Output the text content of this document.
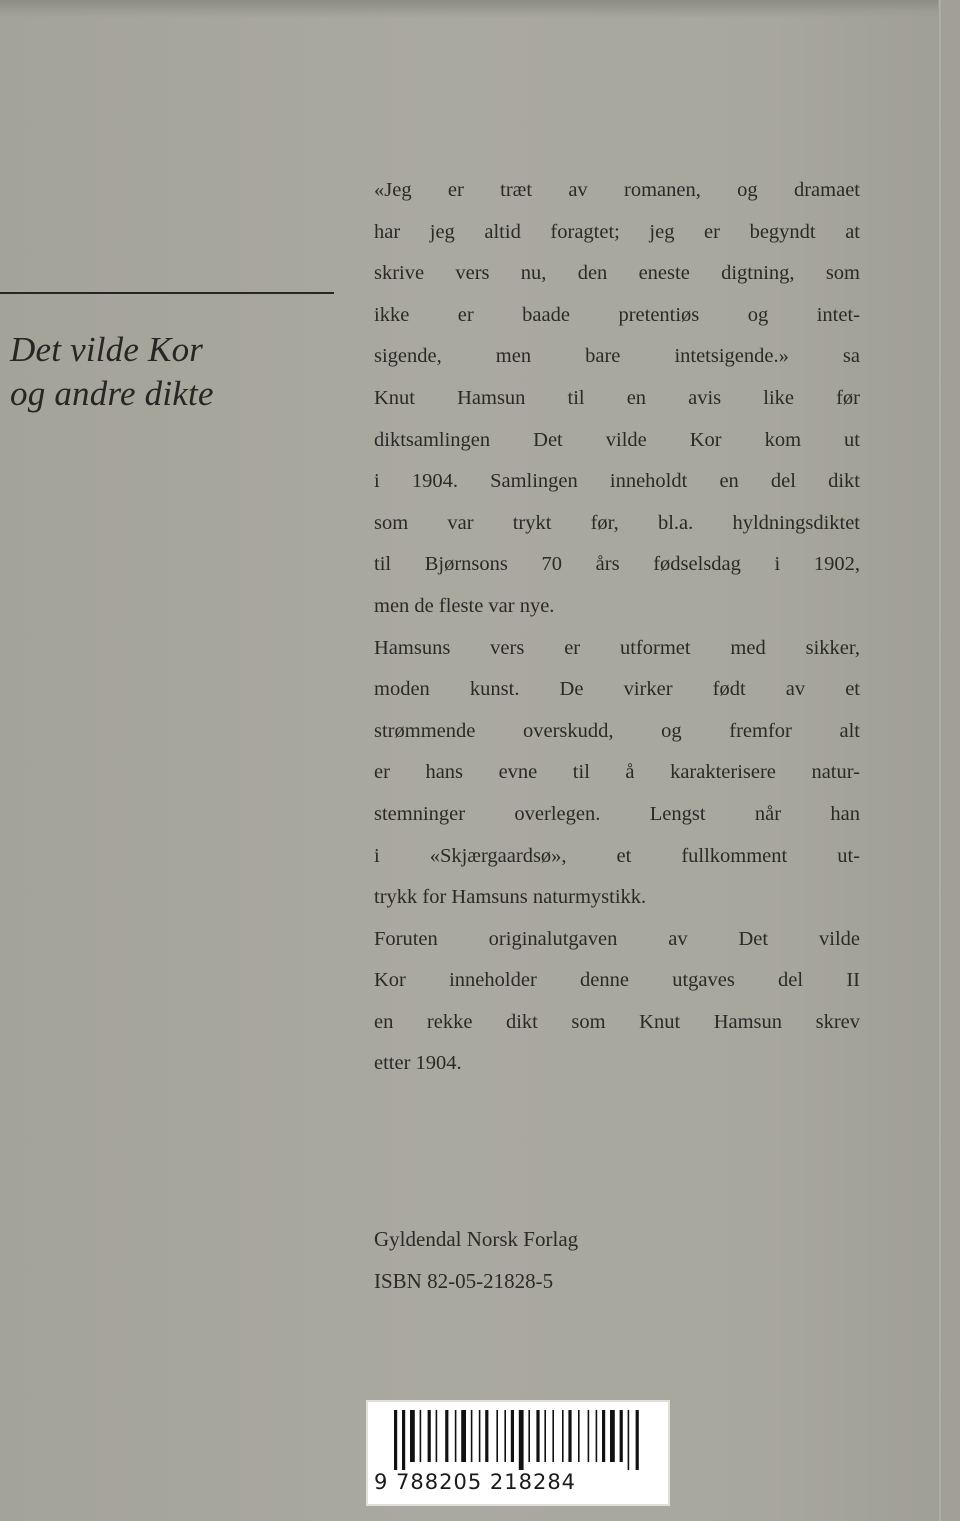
Det vilde Kor
og andre dikte
«Jeg er træt av romanen, og dramaet
har jeg altid foragtet; jeg er begyndt at
skrive vers nu, den eneste digtning, som
ikke er baade pretentiøs og intet-
sigende, men bare intetsigende.» sa
Knut Hamsun til en avis like før
diktsamlingen Det vilde Kor kom ut
i 1904. Samlingen inneholdt en del dikt
som var trykt før, bl.a. hyldningsdiktet
til Bjørnsons 70 års fødselsdag i 1902,
men de fleste var nye.
Hamsuns vers er utformet med sikker,
moden kunst. De virker født av et
strømmende overskudd, og fremfor alt
er hans evne til å karakterisere natur-
stemninger overlegen. Lengst når han
i «Skjærgaardsø», et fullkomment ut-
trykk for Hamsuns naturmystikk.
Foruten originalutgaven av Det vilde
Kor inneholder denne utgaves del II
en rekke dikt som Knut Hamsun skrev
etter 1904.
Gyldendal Norsk Forlag
ISBN 82-05-21828-5
9 788205 218284
